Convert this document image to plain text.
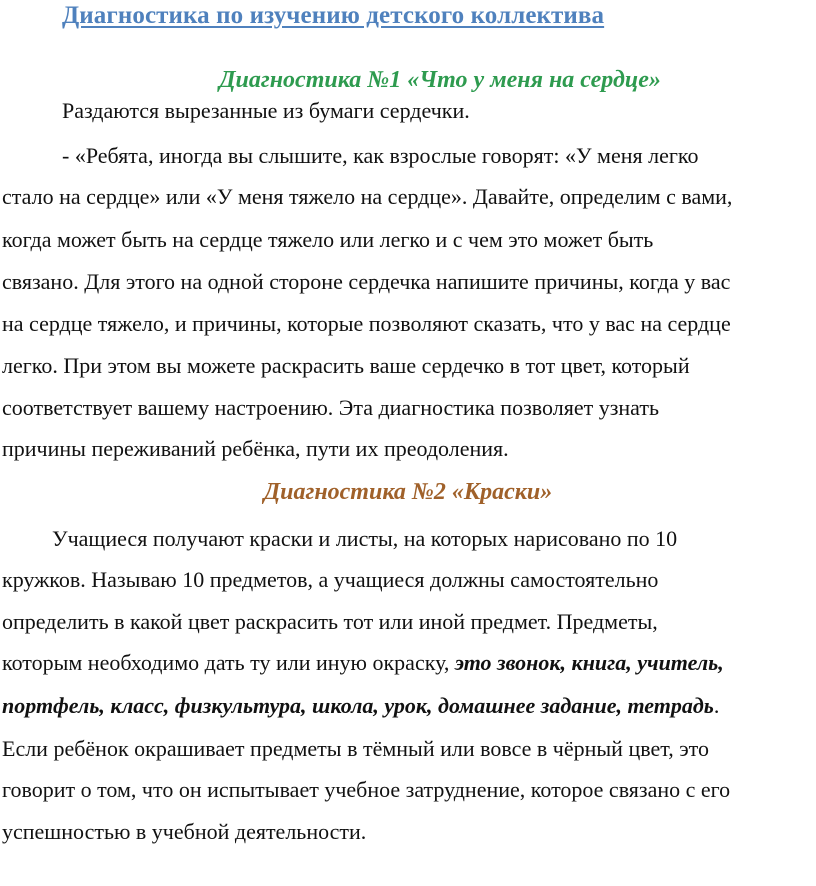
Диагностика по изучению детского коллектива
Диагностика №1 «Что у меня на сердце»
Раздаются вырезанные из бумаги сердечки.
- «Ребята, иногда вы слышите, как взрослые говорят: «У меня легко
стало на сердце» или «У меня тяжело на сердце». Давайте, определим с вами,
когда может быть на сердце тяжело или легко и с чем это может быть
связано. Для этого на одной стороне сердечка напишите причины, когда у вас
на сердце тяжело, и причины, которые позволяют сказать, что у вас на сердце
легко. При этом вы можете раскрасить ваше сердечко в тот цвет, который
соответствует вашему настроению. Эта диагностика позволяет узнать
причины переживаний ребёнка, пути их преодоления.
Диагностика №2 «Краски»
Учащиеся получают краски и листы, на которых нарисовано по 10
кружков. Называю 10 предметов, а учащиеся должны самостоятельно
определить в какой цвет раскрасить тот или иной предмет. Предметы,
которым необходимо дать ту или иную окраску, это звонок, книга, учитель,
портфель, класс, физкультура, школа, урок, домашнее задание, тетрадь.
Если ребёнок окрашивает предметы в тёмный или вовсе в чёрный цвет, это
говорит о том, что он испытывает учебное затруднение, которое связано с его
успешностью в учебной деятельности.
